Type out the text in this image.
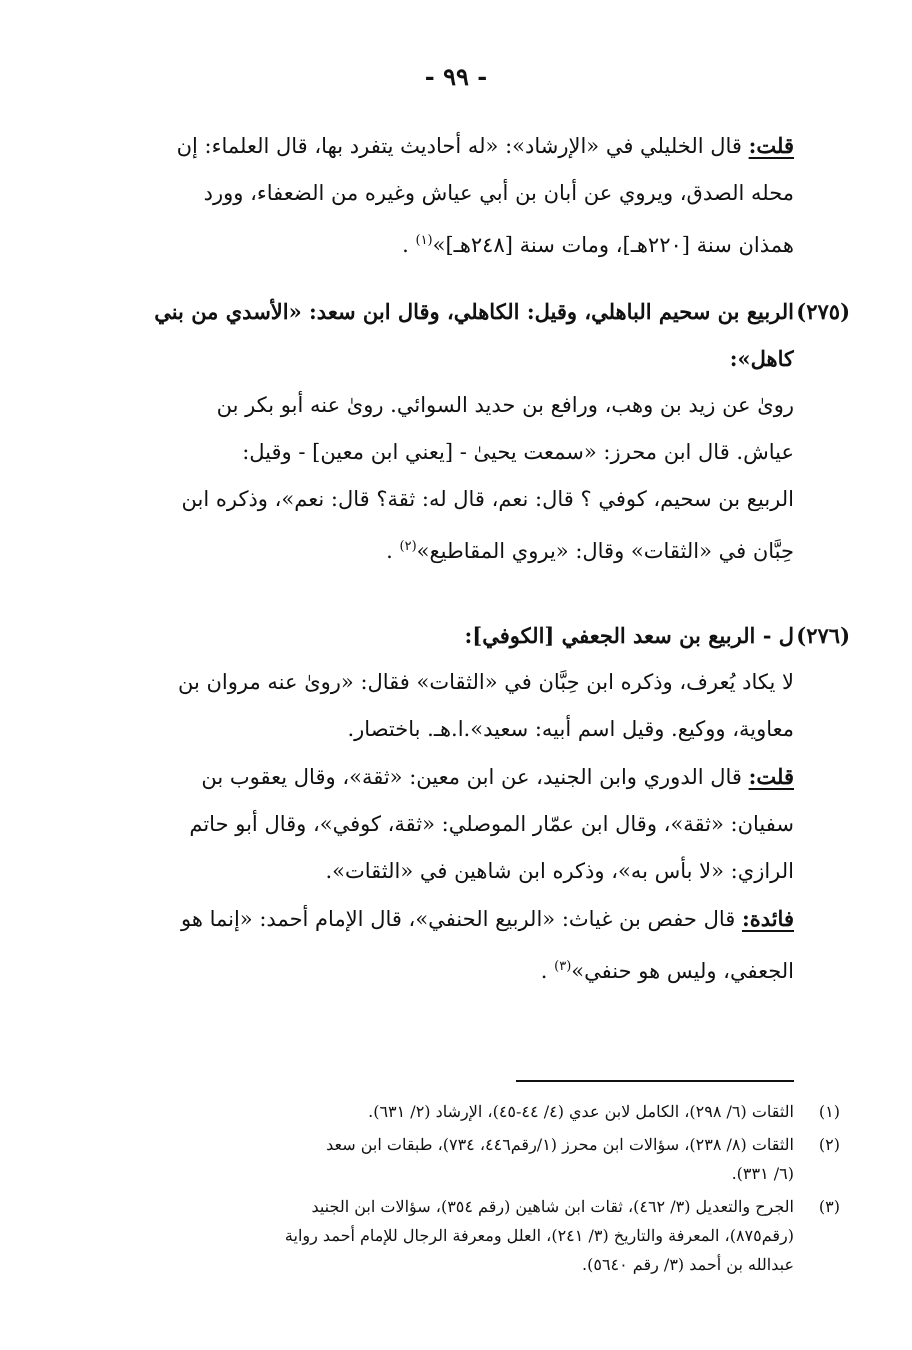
- ٩٩ -
قلت: قال الخليلي في «الإرشاد»: «له أحاديث يتفرد بها، قال العلماء: إن
محله الصدق، ويروي عن أبان بن أبي عياش وغيره من الضعفاء، وورد
همذان سنة [٢٢٠هـ]، ومات سنة [٢٤٨هـ]»$^{(١)}$ .
(٢٧٥)
الربيع بن سحيم الباهلي، وقيل: الكاهلي، وقال ابن سعد: «الأسدي من بني
كاهل»:
روىٰ عن زيد بن وهب، ورافع بن حديد السوائي. روىٰ عنه أبو بكر بن
عياش. قال ابن محرز: «سمعت يحيىٰ - [يعني ابن معين] - وقيل:
الربيع بن سحيم، كوفي ؟ قال: نعم، قال له: ثقة؟ قال: نعم»، وذكره ابن
حِبَّان في «الثقات» وقال: «يروي المقاطيع»$^{(٢)}$ .
(٢٧٦)
ل - الربيع بن سعد الجعفي [الكوفي]:
لا يكاد يُعرف، وذكره ابن حِبَّان في «الثقات» فقال: «روىٰ عنه مروان بن
معاوية، ووكيع. وقيل اسم أبيه: سعيد».ا.هـ. باختصار.
قلت: قال الدوري وابن الجنيد، عن ابن معين: «ثقة»، وقال يعقوب بن
سفيان: «ثقة»، وقال ابن عمّار الموصلي: «ثقة، كوفي»، وقال أبو حاتم
الرازي: «لا بأس به»، وذكره ابن شاهين في «الثقات».
فائدة: قال حفص بن غياث: «الربيع الحنفي»، قال الإمام أحمد: «إنما هو
الجعفي، وليس هو حنفي»$^{(٣)}$ .
(١)
الثقات (٦/ ٢٩٨)، الكامل لابن عدي (٤/ ٤٤-٤٥)، الإرشاد (٢/ ٦٣١).
(٢)
الثقات (٨/ ٢٣٨)، سؤالات ابن محرز (١/رقم٤٤٦، ٧٣٤)، طبقات ابن سعد
(٦/ ٣٣١).
(٣)
الجرح والتعديل (٣/ ٤٦٢)، ثقات ابن شاهين (رقم ٣٥٤)، سؤالات ابن الجنيد
(رقم٨٧٥)، المعرفة والتاريخ (٣/ ٢٤١)، العلل ومعرفة الرجال للإمام أحمد رواية
عبدالله بن أحمد (٣/ رقم ٥٦٤٠).
